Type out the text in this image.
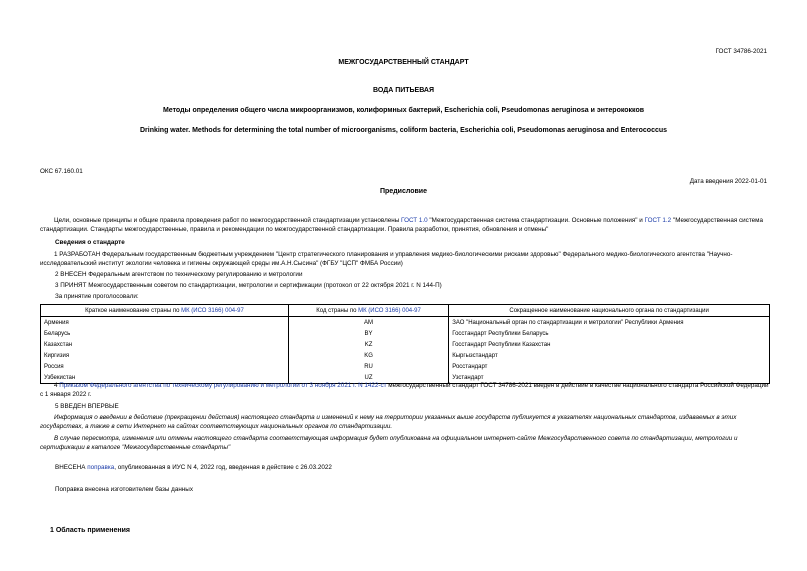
ГОСТ 34786-2021
МЕЖГОСУДАРСТВЕННЫЙ СТАНДАРТ
ВОДА ПИТЬЕВАЯ
Методы определения общего числа микроорганизмов, колиформных бактерий, Escherichia coli, Pseudomonas aeruginosa и энтерококков
Drinking water. Methods for determining the total number of microorganisms, coliform bacteria, Escherichia coli, Pseudomonas aeruginosa and Enterococcus
ОКС 67.160.01
Дата введения 2022-01-01
Предисловие
Цели, основные принципы и общие правила проведения работ по межгосударственной стандартизации установлены ГОСТ 1.0 "Межгосударственная система стандартизации. Основные положения" и ГОСТ 1.2 "Межгосударственная система стандартизации. Стандарты межгосударственные, правила и рекомендации по межгосударственной стандартизации. Правила разработки, принятия, обновления и отмены"
Сведения о стандарте
1 РАЗРАБОТАН Федеральным государственным бюджетным учреждением "Центр стратегического планирования и управления медико-биологическими рисками здоровью" Федерального медико-биологического агентства "Научно-исследовательский институт экологии человека и гигиены окружающей среды им.А.Н.Сысина" (ФГБУ "ЦСП" ФМБА России)
2 ВНЕСЕН Федеральным агентством по техническому регулированию и метрологии
3 ПРИНЯТ Межгосударственным советом по стандартизации, метрологии и сертификации (протокол от 22 октября 2021 г. N 144-П)
За принятие проголосовали:
Краткое наименование страны по МК (ИСО 3166) 004-97	Код страны по МК (ИСО 3166) 004-97	Сокращенное наименование национального органа по стандартизации
Армения	AM	ЗАО "Национальный орган по стандартизации и метрологии" Республики Армения
Беларусь	BY	Госстандарт Республики Беларусь
Казахстан	KZ	Госстандарт Республики Казахстан
Киргизия	KG	Кыргызстандарт
Россия	RU	Росстандарт
Узбекистан	UZ	Узстандарт
4 Приказом Федерального агентства по техническому регулированию и метрологии от 3 ноября 2021 г. N 1422-ст межгосударственный стандарт ГОСТ 34786-2021 введен в действие в качестве национального стандарта Российской Федерации с 1 января 2022 г.
5 ВВЕДЕН ВПЕРВЫЕ
Информация о введении в действие (прекращении действия) настоящего стандарта и изменений к нему на территории указанных выше государств публикуется в указателях национальных стандартов, издаваемых в этих государствах, а также в сети Интернет на сайтах соответствующих национальных органов по стандартизации.
В случае пересмотра, изменения или отмены настоящего стандарта соответствующая информация будет опубликована на официальном интернет-сайте Межгосударственного совета по стандартизации, метрологии и сертификации в каталоге "Межгосударственные стандарты"
ВНЕСЕНА поправка, опубликованная в ИУС N 4, 2022 год, введенная в действие с 26.03.2022
Поправка внесена изготовителем базы данных
1 Область применения
